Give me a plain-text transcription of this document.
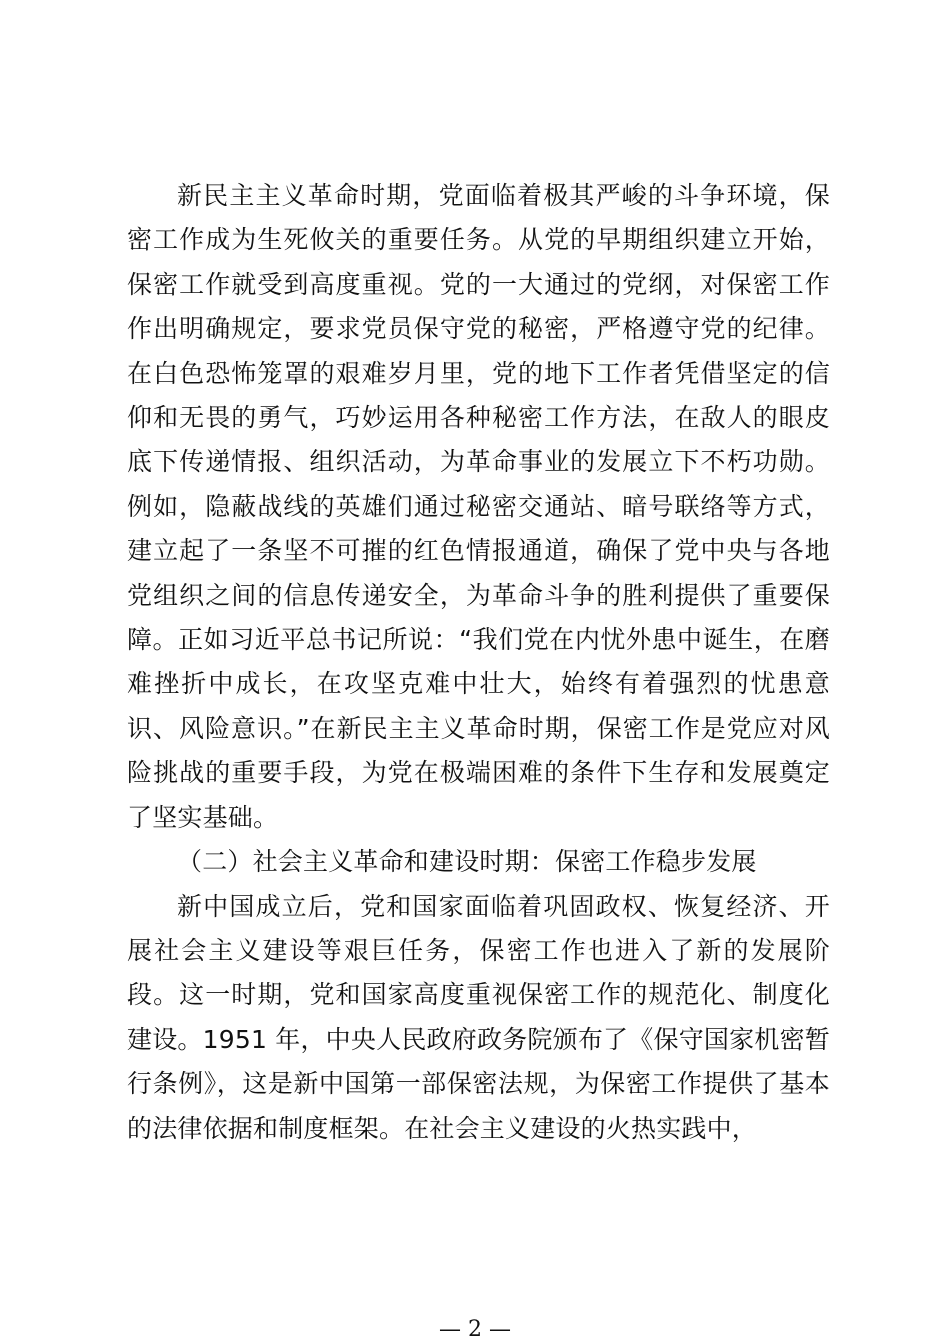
新民主主义革命时期，党面临着极其严峻的斗争环境，保密工作成为生死攸关的重要任务。从党的早期组织建立开始，保密工作就受到高度重视。党的一大通过的党纲，对保密工作作出明确规定，要求党员保守党的秘密，严格遵守党的纪律。在白色恐怖笼罩的艰难岁月里，党的地下工作者凭借坚定的信仰和无畏的勇气，巧妙运用各种秘密工作方法，在敌人的眼皮底下传递情报、组织活动，为革命事业的发展立下不朽功勋。例如，隐蔽战线的英雄们通过秘密交通站、暗号联络等方式，建立起了一条坚不可摧的红色情报通道，确保了党中央与各地党组织之间的信息传递安全，为革命斗争的胜利提供了重要保障。正如习近平总书记所说：“我们党在内忧外患中诞生，在磨难挫折中成长，在攻坚克难中壮大，始终有着强烈的忧患意识、风险意识。”在新民主主义革命时期，保密工作是党应对风险挑战的重要手段，为党在极端困难的条件下生存和发展奠定了坚实基础。

（二）社会主义革命和建设时期：保密工作稳步发展

新中国成立后，党和国家面临着巩固政权、恢复经济、开展社会主义建设等艰巨任务，保密工作也进入了新的发展阶段。这一时期，党和国家高度重视保密工作的规范化、制度化建设。1951 年，中央人民政府政务院颁布了《保守国家机密暂行条例》，这是新中国第一部保密法规，为保密工作提供了基本的法律依据和制度框架。在社会主义建设的火热实践中，

— 2 —
